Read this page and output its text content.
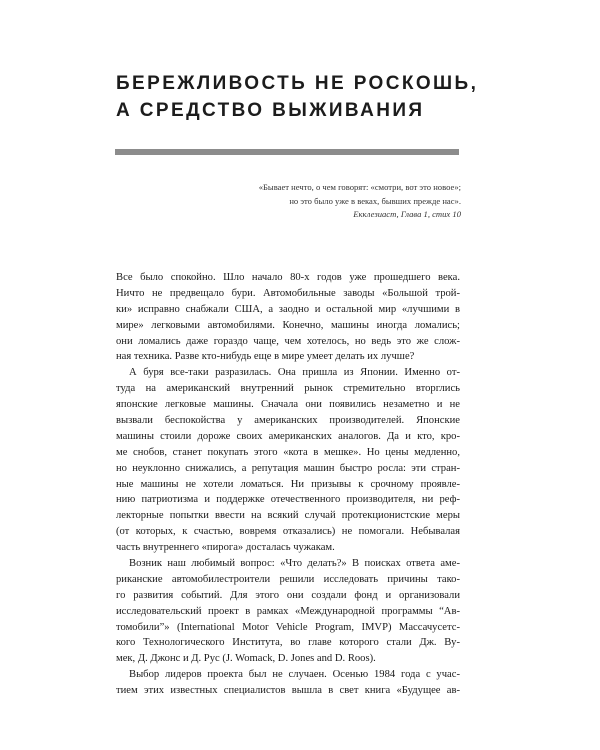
БЕРЕЖЛИВОСТЬ НЕ РОСКОШЬ,
А СРЕДСТВО ВЫЖИВАНИЯ
«Бывает нечто, о чем говорят: «смотри, вот это новое»;
но это было уже в веках, бывших прежде нас».
Екклезиаст, Глава 1, стих 10
Все было спокойно. Шло начало 80-х годов уже прошедшего века.
Ничто не предвещало бури. Автомобильные заводы «Большой трой-
ки» исправно снабжали США, а заодно и остальной мир «лучшими в
мире» легковыми автомобилями. Конечно, машины иногда ломались;
они ломались даже гораздо чаще, чем хотелось, но ведь это же слож-
ная техника. Разве кто-нибудь еще в мире умеет делать их лучше?
А буря все-таки разразилась. Она пришла из Японии. Именно от-
туда на американский внутренний рынок стремительно вторглись
японские легковые машины. Сначала они появились незаметно и не
вызвали беспокойства у американских производителей. Японские
машины стоили дороже своих американских аналогов. Да и кто, кро-
ме снобов, станет покупать этого «кота в мешке». Но цены медленно,
но неуклонно снижались, а репутация машин быстро росла: эти стран-
ные машины не хотели ломаться. Ни призывы к срочному проявле-
нию патриотизма и поддержке отечественного производителя, ни реф-
лекторные попытки ввести на всякий случай протекционистские меры
(от которых, к счастью, вовремя отказались) не помогали. Небывалая
часть внутреннего «пирога» досталась чужакам.
Возник наш любимый вопрос: «Что делать?» В поисках ответа аме-
риканские автомобилестроители решили исследовать причины тако-
го развития событий. Для этого они создали фонд и организовали
исследовательский проект в рамках «Международной программы “Ав-
томобили”» (International Motor Vehicle Program, IMVP) Массачусетс-
кого Технологического Института, во главе которого стали Дж. Ву-
мек, Д. Джонс и Д. Рус (J. Womack, D. Jones and D. Roos).
Выбор лидеров проекта был не случаен. Осенью 1984 года с учас-
тием этих известных специалистов вышла в свет книга «Будущее ав-
